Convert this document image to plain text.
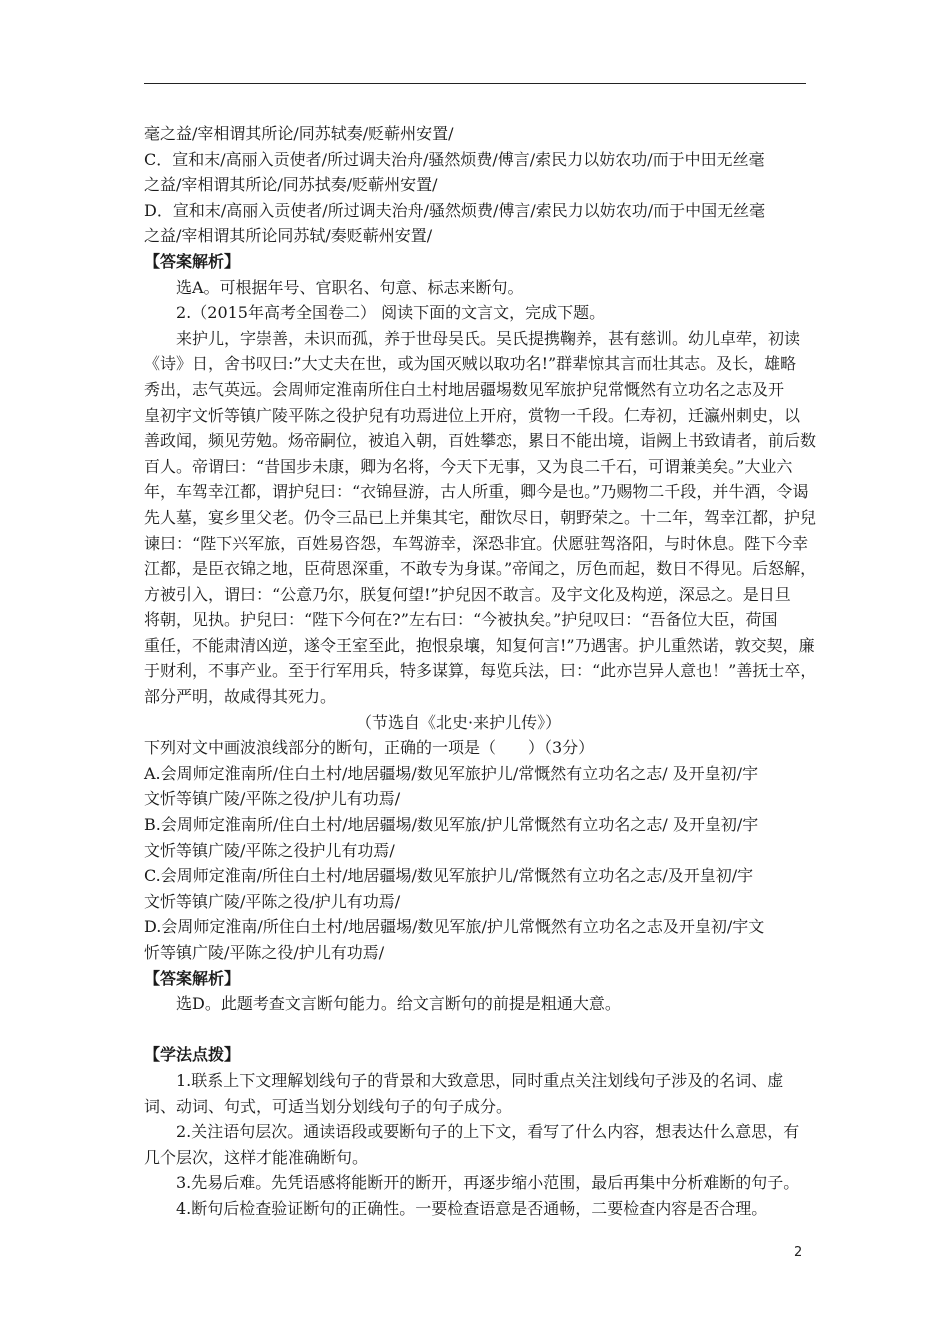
毫之益/宰相谓其所论/同苏轼奏/贬蕲州安置/
C．宣和末/高丽入贡使者/所过调夫治舟/骚然烦费/傅言/索民力以妨农功/而于中田无丝毫
之益/宰相谓其所论/同苏拭奏/贬蕲州安置/
D．宣和末/高丽入贡使者/所过调夫治舟/骚然烦费/傅言/索民力以妨农功/而于中国无丝毫
之益/宰相谓其所论同苏轼/奏贬蕲州安置/
【答案解析】
选A。可根据年号、官职名、句意、标志来断句。
2.（2015年高考全国卷二） 阅读下面的文言文，完成下题。
来护儿，字崇善，未识而孤，养于世母吴氏。吴氏提携鞠养，甚有慈训。幼儿卓荦，初读
《诗》日，舍书叹曰:”大丈夫在世，或为国灭贼以取功名!”群辈惊其言而壮其志。及长，雄略
秀出，志气英远。会周师定淮南所住白土村地居疆埸数见军旅护兒常慨然有立功名之志及开
皇初宇文忻等镇广陵平陈之役护兒有功焉进位上开府，赏物一千段。仁寿初，迁瀛州刺史，以
善政闻，频见劳勉。炀帝嗣位，被追入朝，百姓攀恋，累日不能出境，诣阙上书致请者，前后数
百人。帝谓曰：“昔国步未康，卿为名将，今天下无事，又为良二千石，可谓兼美矣。”大业六
年，车驾幸江都，谓护兒曰：“衣锦昼游，古人所重，卿今是也。”乃赐物二千段，并牛酒，令谒
先人墓，宴乡里父老。仍令三品已上并集其宅，酣饮尽日，朝野荣之。十二年，驾幸江都，护兒
谏曰：“陛下兴军旅，百姓易咨怨，车驾游幸，深恐非宜。伏愿驻驾洛阳，与时休息。陛下今幸
江都，是臣衣锦之地，臣荷恩深重，不敢专为身谋。”帝闻之，厉色而起，数日不得见。后怒解，
方被引入，谓曰：“公意乃尔，朕复何望!”护兒因不敢言。及宇文化及构逆，深忌之。是日旦
将朝，见执。护兒曰：“陛下今何在?”左右曰：“今被执矣。”护兒叹曰：“吾备位大臣，荷国
重任，不能肃清凶逆，遂令王室至此，抱恨泉壤，知复何言!”乃遇害。护儿重然诺，敦交契，廉
于财利，不事产业。至于行军用兵，特多谋算，每览兵法，曰：“此亦岂异人意也！”善抚士卒，
部分严明，故咸得其死力。
（节选自《北史·来护儿传》）
下列对文中画波浪线部分的断句，正确的一项是（　　）（3分）
A.会周师定淮南所/住白土村/地居疆埸/数见军旅护儿/常慨然有立功名之志/ 及开皇初/宇
文忻等镇广陵/平陈之役/护儿有功焉/
B.会周师定淮南所/住白土村/地居疆埸/数见军旅/护儿常慨然有立功名之志/ 及开皇初/宇
文忻等镇广陵/平陈之役护儿有功焉/
C.会周师定淮南/所住白土村/地居疆埸/数见军旅护儿/常慨然有立功名之志/及开皇初/宇
文忻等镇广陵/平陈之役/护儿有功焉/
D.会周师定淮南/所住白土村/地居疆埸/数见军旅/护儿常慨然有立功名之志及开皇初/宇文
忻等镇广陵/平陈之役/护儿有功焉/
【答案解析】
选D。此题考查文言断句能力。给文言断句的前提是粗通大意。
【学法点拨】
1.联系上下文理解划线句子的背景和大致意思，同时重点关注划线句子涉及的名词、虚
词、动词、句式，可适当划分划线句子的句子成分。
2.关注语句层次。通读语段或要断句子的上下文，看写了什么内容，想表达什么意思，有
几个层次，这样才能准确断句。
3.先易后难。先凭语感将能断开的断开，再逐步缩小范围，最后再集中分析难断的句子。
4.断句后检查验证断句的正确性。一要检查语意是否通畅，二要检查内容是否合理。
2
